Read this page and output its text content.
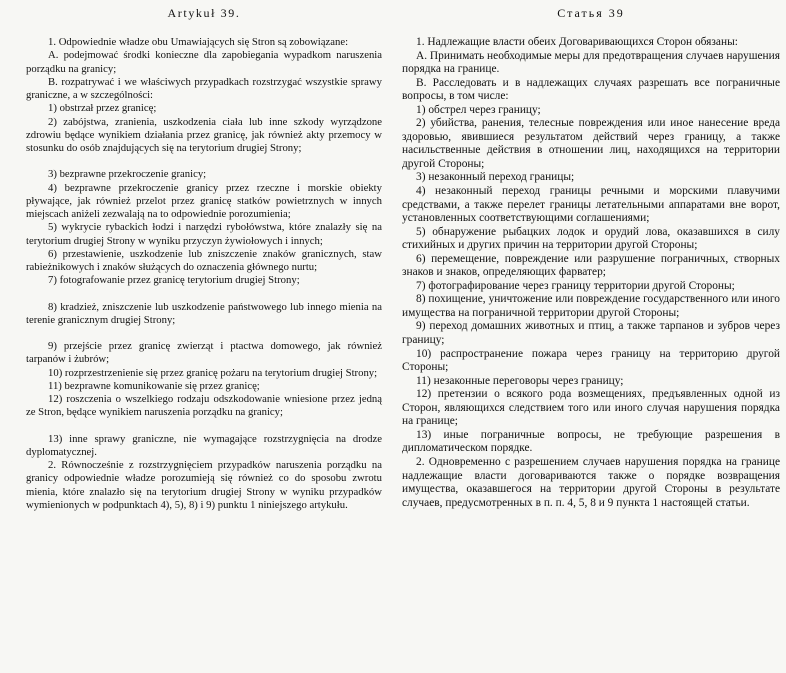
Artykuł 39.

1. Odpowiednie władze obu Umawiających się Stron są zobowiązane:

A. podejmować środki konieczne dla zapobiegania wypadkom naruszenia porządku na granicy;

B. rozpatrywać i we właściwych przypadkach rozstrzygać wszystkie sprawy graniczne, a w szczególności:

1) obstrzał przez granicę;

2) zabójstwa, zranienia, uszkodzenia ciała lub inne szkody wyrządzone zdrowiu będące wynikiem działania przez granicę, jak również akty przemocy w stosunku do osób znajdujących się na terytorium drugiej Strony;

3) bezprawne przekroczenie granicy;

4) bezprawne przekroczenie granicy przez rzeczne i morskie obiekty pływające, jak również przelot przez granicę statków powietrznych w innych miejscach aniżeli zezwalają na to odpowiednie porozumienia;

5) wykrycie rybackich łodzi i narzędzi rybołówstwa, które znalazły się na terytorium drugiej Strony w wyniku przyczyn żywiołowych i innych;

6) przestawienie, uszkodzenie lub zniszczenie znaków granicznych, staw rabieżnikowych i znaków służących do oznaczenia głównego nurtu;

7) fotografowanie przez granicę terytorium drugiej Strony;

8) kradzież, zniszczenie lub uszkodzenie państwowego lub innego mienia na terenie granicznym drugiej Strony;

9) przejście przez granicę zwierząt i ptactwa domowego, jak również tarpanów i żubrów;

10) rozprzestrzenienie się przez granicę pożaru na terytorium drugiej Strony;

11) bezprawne komunikowanie się przez granicę;

12) roszczenia o wszelkiego rodzaju odszkodowanie wniesione przez jedną ze Stron, będące wynikiem naruszenia porządku na granicy;

13) inne sprawy graniczne, nie wymagające rozstrzygnięcia na drodze dyplomatycznej.

2. Równocześnie z rozstrzygnięciem przypadków naruszenia porządku na granicy odpowiednie władze porozumieją się również co do sposobu zwrotu mienia, które znalazło się na terytorium drugiej Strony w wyniku przypadków wymienionych w podpunktach 4), 5), 8) i 9) punktu 1 niniejszego artykułu.

Статья 39

1. Надлежащие власти обеих Договаривающихся Сторон обязаны:

А. Принимать необходимые меры для предотвращения случаев нарушения порядка на границе.

В. Расследовать и в надлежащих случаях разрешать все пограничные вопросы, в том числе:

1) обстрел через границу;

2) убийства, ранения, телесные повреждения или иное нанесение вреда здоровью, явившиеся результатом действий через границу, а также насильственные действия в отношении лиц, находящихся на территории другой Стороны;

3) незаконный переход границы;

4) незаконный переход границы речными и морскими плавучими средствами, а также перелет границы летательными аппаратами вне ворот, установленных соответствующими соглашениями;

5) обнаружение рыбацких лодок и орудий лова, оказавшихся в силу стихийных и других причин на территории другой Стороны;

6) перемещение, повреждение или разрушение пограничных, створных знаков и знаков, определяющих фарватер;

7) фотографирование через границу территории другой Стороны;

8) похищение, уничтожение или повреждение государственного или иного имущества на пограничной территории другой Стороны;

9) переход домашних животных и птиц, а также тарпанов и зубров через границу;

10) распространение пожара через границу на территорию другой Стороны;

11) незаконные переговоры через границу;

12) претензии о всякого рода возмещениях, предъявленных одной из Сторон, являющихся следствием того или иного случая нарушения порядка на границе;

13) иные пограничные вопросы, не требующие разрешения в дипломатическом порядке.

2. Одновременно с разрешением случаев нарушения порядка на границе надлежащие власти договариваются также о порядке возвращения имущества, оказавшегося на территории другой Стороны в результате случаев, предусмотренных в п. п. 4, 5, 8 и 9 пункта 1 настоящей статьи.
